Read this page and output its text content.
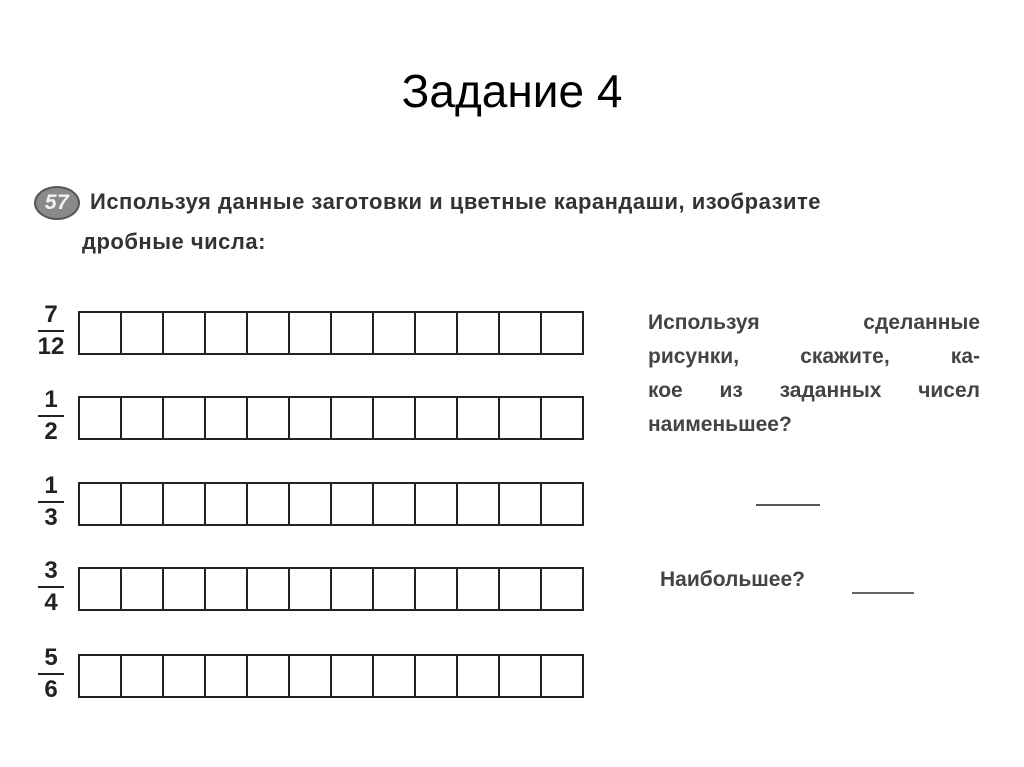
Задание 4
57 Используя данные заготовки и цветные карандаши, изобразите
дробные числа:
7
12
1
2
1
3
3
4
5
6
Используя сделанные
рисунки, скажите, ка-
кое из заданных чисел
наименьшее?
Наибольшее?
